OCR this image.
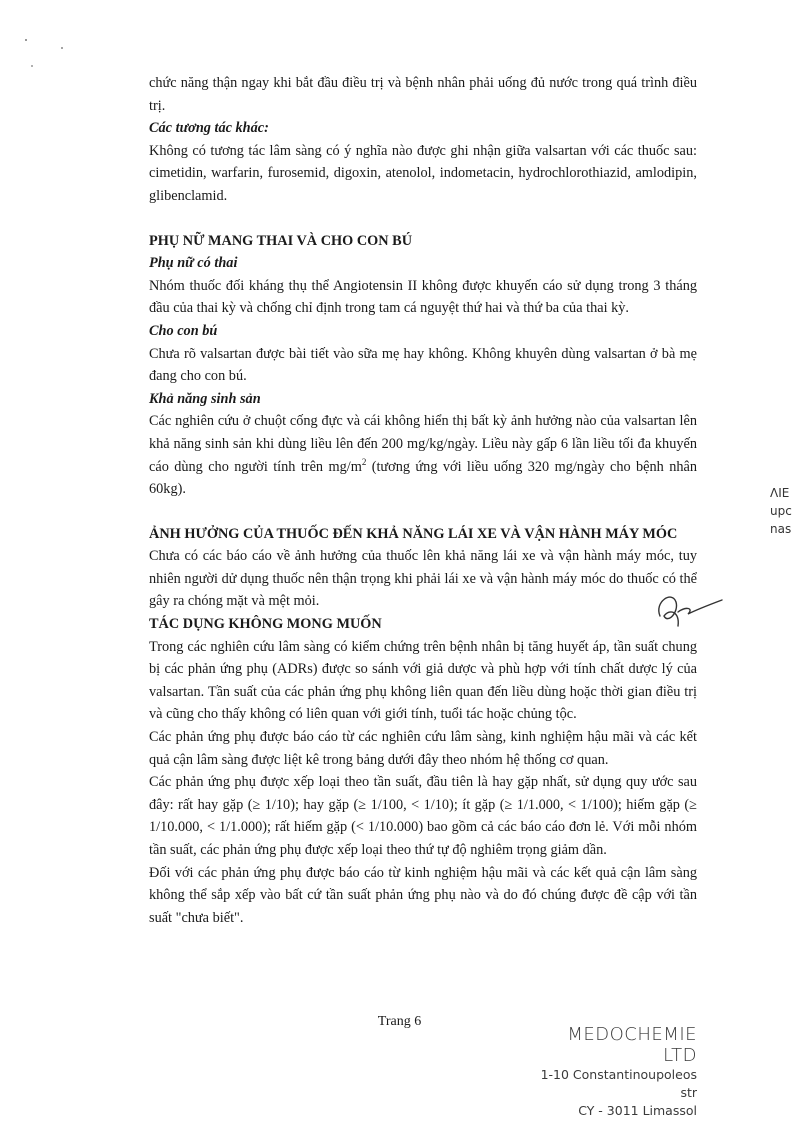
chức năng thận ngay khi bắt đầu điều trị và bệnh nhân phải uống đủ nước trong quá trình điều trị.

Các tương tác khác:

Không có tương tác lâm sàng có ý nghĩa nào được ghi nhận giữa valsartan với các thuốc sau: cimetidin, warfarin, furosemid, digoxin, atenolol, indometacin, hydrochlorothiazid, amlodipin, glibenclamid.

PHỤ NỮ MANG THAI VÀ CHO CON BÚ

Phụ nữ có thai

Nhóm thuốc đối kháng thụ thể Angiotensin II không được khuyến cáo sử dụng trong 3 tháng đầu của thai kỳ và chống chỉ định trong tam cá nguyệt thứ hai và thứ ba của thai kỳ.

Cho con bú

Chưa rõ valsartan được bài tiết vào sữa mẹ hay không. Không khuyên dùng valsartan ở bà mẹ đang cho con bú.

Khả năng sinh sản

Các nghiên cứu ở chuột cống đực và cái không hiển thị bất kỳ ảnh hưởng nào của valsartan lên khả năng sinh sản khi dùng liều lên đến 200 mg/kg/ngày. Liều này gấp 6 lần liều tối đa khuyến cáo dùng cho người tính trên $mg/m^2$ (tương ứng với liều uống 320 mg/ngày cho bệnh nhân 60kg).

ẢNH HƯỞNG CỦA THUỐC ĐẾN KHẢ NĂNG LÁI XE VÀ VẬN HÀNH MÁY MÓC

Chưa có các báo cáo về ảnh hưởng của thuốc lên khả năng lái xe và vận hành máy móc, tuy nhiên người dử dụng thuốc nên thận trọng khi phải lái xe và vận hành máy móc do thuốc có thể gây ra chóng mặt và mệt mỏi.

TÁC DỤNG KHÔNG MONG MUỐN

Trong các nghiên cứu lâm sàng có kiểm chứng trên bệnh nhân bị tăng huyết áp, tần suất chung bị các phản ứng phụ (ADRs) được so sánh với giả dược và phù hợp với tính chất dược lý của valsartan. Tần suất của các phản ứng phụ không liên quan đến liều dùng hoặc thời gian điều trị và cũng cho thấy không có liên quan với giới tính, tuổi tác hoặc chủng tộc.

Các phản ứng phụ được báo cáo từ các nghiên cứu lâm sàng, kinh nghiệm hậu mãi và các kết quả cận lâm sàng được liệt kê trong bảng dưới đây theo nhóm hệ thống cơ quan.

Các phản ứng phụ được xếp loại theo tần suất, đầu tiên là hay gặp nhất, sử dụng quy ước sau đây: rất hay gặp (≥ 1/10); hay gặp (≥ 1/100, < 1/10); ít gặp (≥ 1/1.000, < 1/100); hiếm gặp (≥ 1/10.000, < 1/1.000); rất hiếm gặp (< 1/10.000) bao gồm cả các báo cáo đơn lẻ. Với mỗi nhóm tần suất, các phản ứng phụ được xếp loại theo thứ tự độ nghiêm trọng giảm dần.

Đối với các phản ứng phụ được báo cáo từ kinh nghiệm hậu mãi và các kết quả cận lâm sàng không thể sắp xếp vào bất cứ tần suất phản ứng phụ nào và do đó chúng được đề cập với tần suất "chưa biết".

ΛIE
upc
nas
Trang 6
MEDOCHEMIE LTD
1-10 Constantinoupoleos str
CY - 3011 Limassol
